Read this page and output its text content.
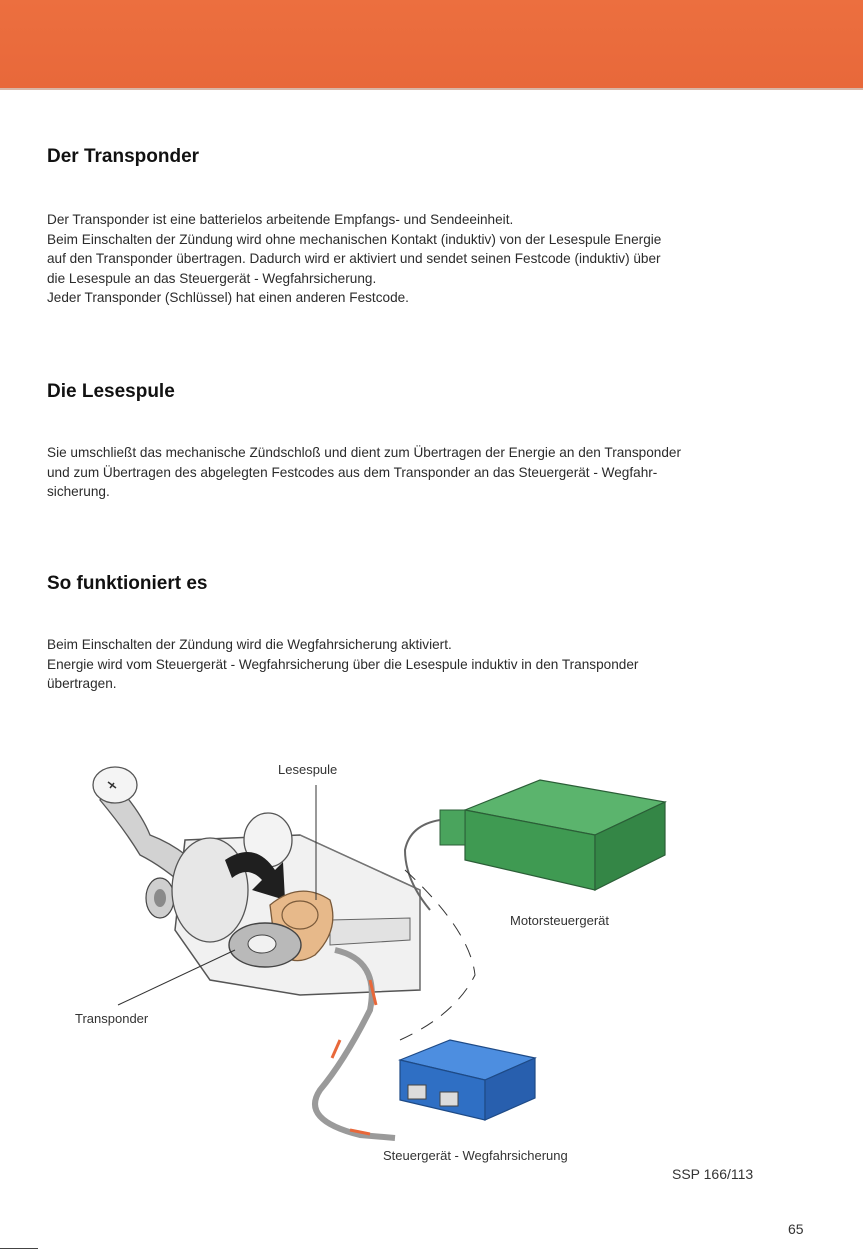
Der Transponder

Der Transponder ist eine batterielos arbeitende Empfangs- und Sendeeinheit.

Beim Einschalten der Zündung wird ohne mechanischen Kontakt (induktiv) von der Lesespule Energie

auf den Transponder übertragen. Dadurch wird er aktiviert und sendet seinen Festcode (induktiv) über

die Lesespule an das Steuergerät - Wegfahrsicherung.

Jeder Transponder (Schlüssel) hat einen anderen Festcode.

Die Lesespule

Sie umschließt das mechanische Zündschloß und dient zum Übertragen der Energie an den Transponder

und zum Übertragen des abgelegten Festcodes aus dem Transponder an das Steuergerät - Wegfahr-

sicherung.

So funktioniert es

Beim Einschalten der Zündung wird die Wegfahrsicherung aktiviert.

Energie wird vom Steuergerät - Wegfahrsicherung über die Lesespule induktiv in den Transponder

übertragen.

Lesespule
Motorsteuergerät
Transponder
Steuergerät - Wegfahrsicherung
SSP 166/113
65
